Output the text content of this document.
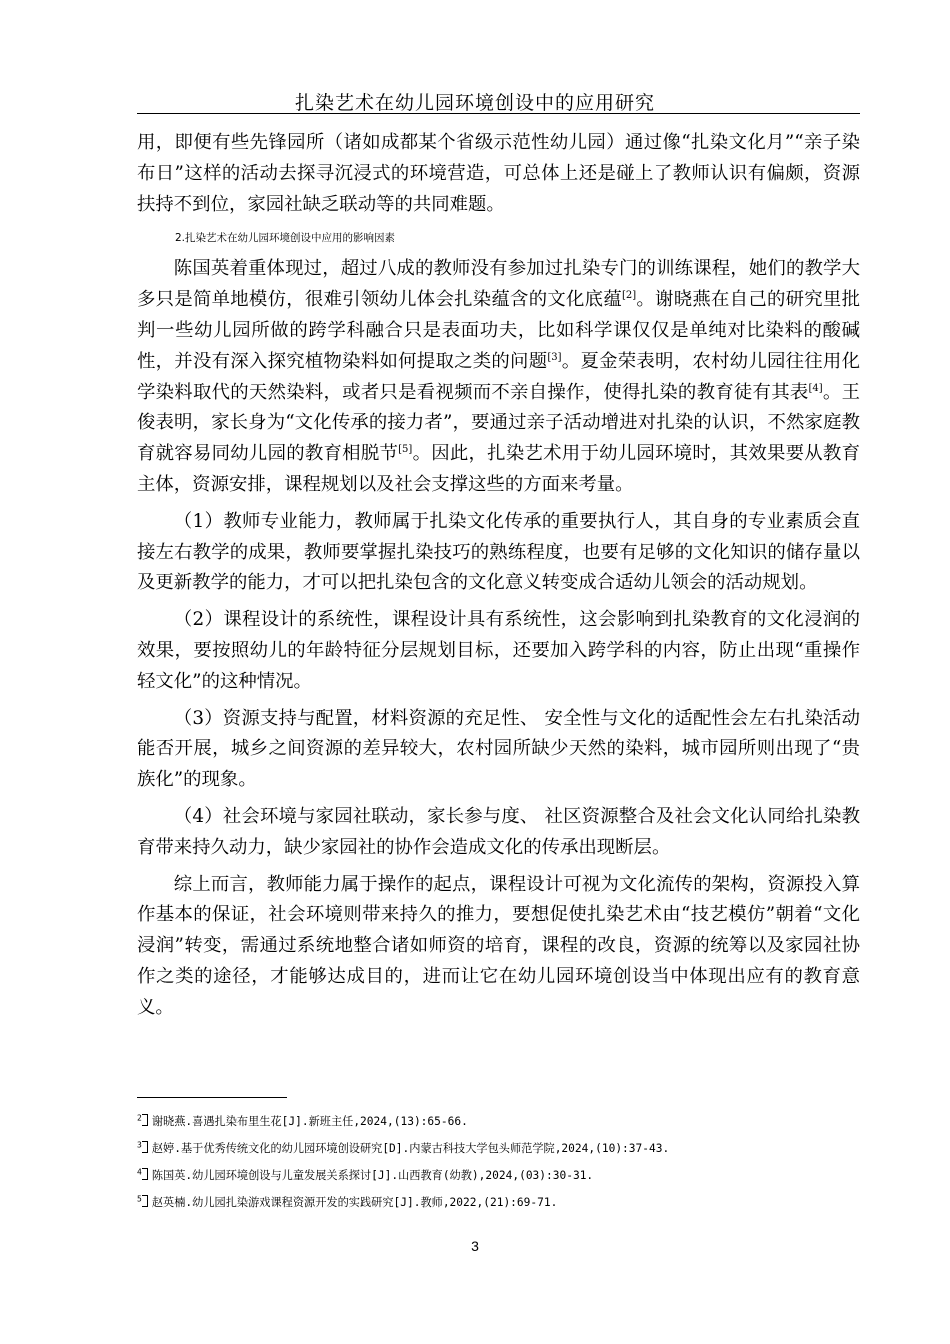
扎染艺术在幼儿园环境创设中的应用研究

用，即便有些先锋园所（诸如成都某个省级示范性幼儿园）通过像“扎染文化月”“亲子染布日”这样的活动去探寻沉浸式的环境营造，可总体上还是碰上了教师认识有偏颇，资源扶持不到位，家园社缺乏联动等的共同难题。

2.扎染艺术在幼儿园环境创设中应用的影响因素

陈国英着重体现过，超过八成的教师没有参加过扎染专门的训练课程，她们的教学大多只是简单地模仿，很难引领幼儿体会扎染蕴含的文化底蕴[2]。谢晓燕在自己的研究里批判一些幼儿园所做的跨学科融合只是表面功夫，比如科学课仅仅是单纯对比染料的酸碱性，并没有深入探究植物染料如何提取之类的问题[3]。夏金荣表明，农村幼儿园往往用化学染料取代的天然染料，或者只是看视频而不亲自操作，使得扎染的教育徒有其表[4]。王俊表明，家长身为“文化传承的接力者”，要通过亲子活动增进对扎染的认识，不然家庭教育就容易同幼儿园的教育相脱节[5]。因此，扎染艺术用于幼儿园环境时，其效果要从教育主体，资源安排，课程规划以及社会支撑这些的方面来考量。

（1）教师专业能力，教师属于扎染文化传承的重要执行人，其自身的专业素质会直接左右教学的成果，教师要掌握扎染技巧的熟练程度，也要有足够的文化知识的储存量以及更新教学的能力，才可以把扎染包含的文化意义转变成合适幼儿领会的活动规划。

（2）课程设计的系统性，课程设计具有系统性，这会影响到扎染教育的文化浸润的效果，要按照幼儿的年龄特征分层规划目标，还要加入跨学科的内容，防止出现“重操作轻文化”的这种情况。

（3）资源支持与配置，材料资源的充足性、 安全性与文化的适配性会左右扎染活动能否开展，城乡之间资源的差异较大，农村园所缺少天然的染料，城市园所则出现了“贵族化”的现象。

（4）社会环境与家园社联动，家长参与度、 社区资源整合及社会文化认同给扎染教育带来持久动力，缺少家园社的协作会造成文化的传承出现断层。

综上而言，教师能力属于操作的起点，课程设计可视为文化流传的架构，资源投入算作基本的保证，社会环境则带来持久的推力，要想促使扎染艺术由“技艺模仿”朝着“文化浸润”转变，需通过系统地整合诸如师资的培育，课程的改良，资源的统筹以及家园社协作之类的途径，才能够达成目的，进而让它在幼儿园环境创设当中体现出应有的教育意义。

$^2$ 谢晓燕.喜遇扎染布里生花[J].新班主任,2024,(13):65-66.
$^3$ 赵婷.基于优秀传统文化的幼儿园环境创设研究[D].内蒙古科技大学包头师范学院,2024,(10):37-43.
$^4$ 陈国英.幼儿园环境创设与儿童发展关系探讨[J].山西教育(幼教),2024,(03):30-31.
$^5$ 赵英楠.幼儿园扎染游戏课程资源开发的实践研究[J].教师,2022,(21):69-71.
3
